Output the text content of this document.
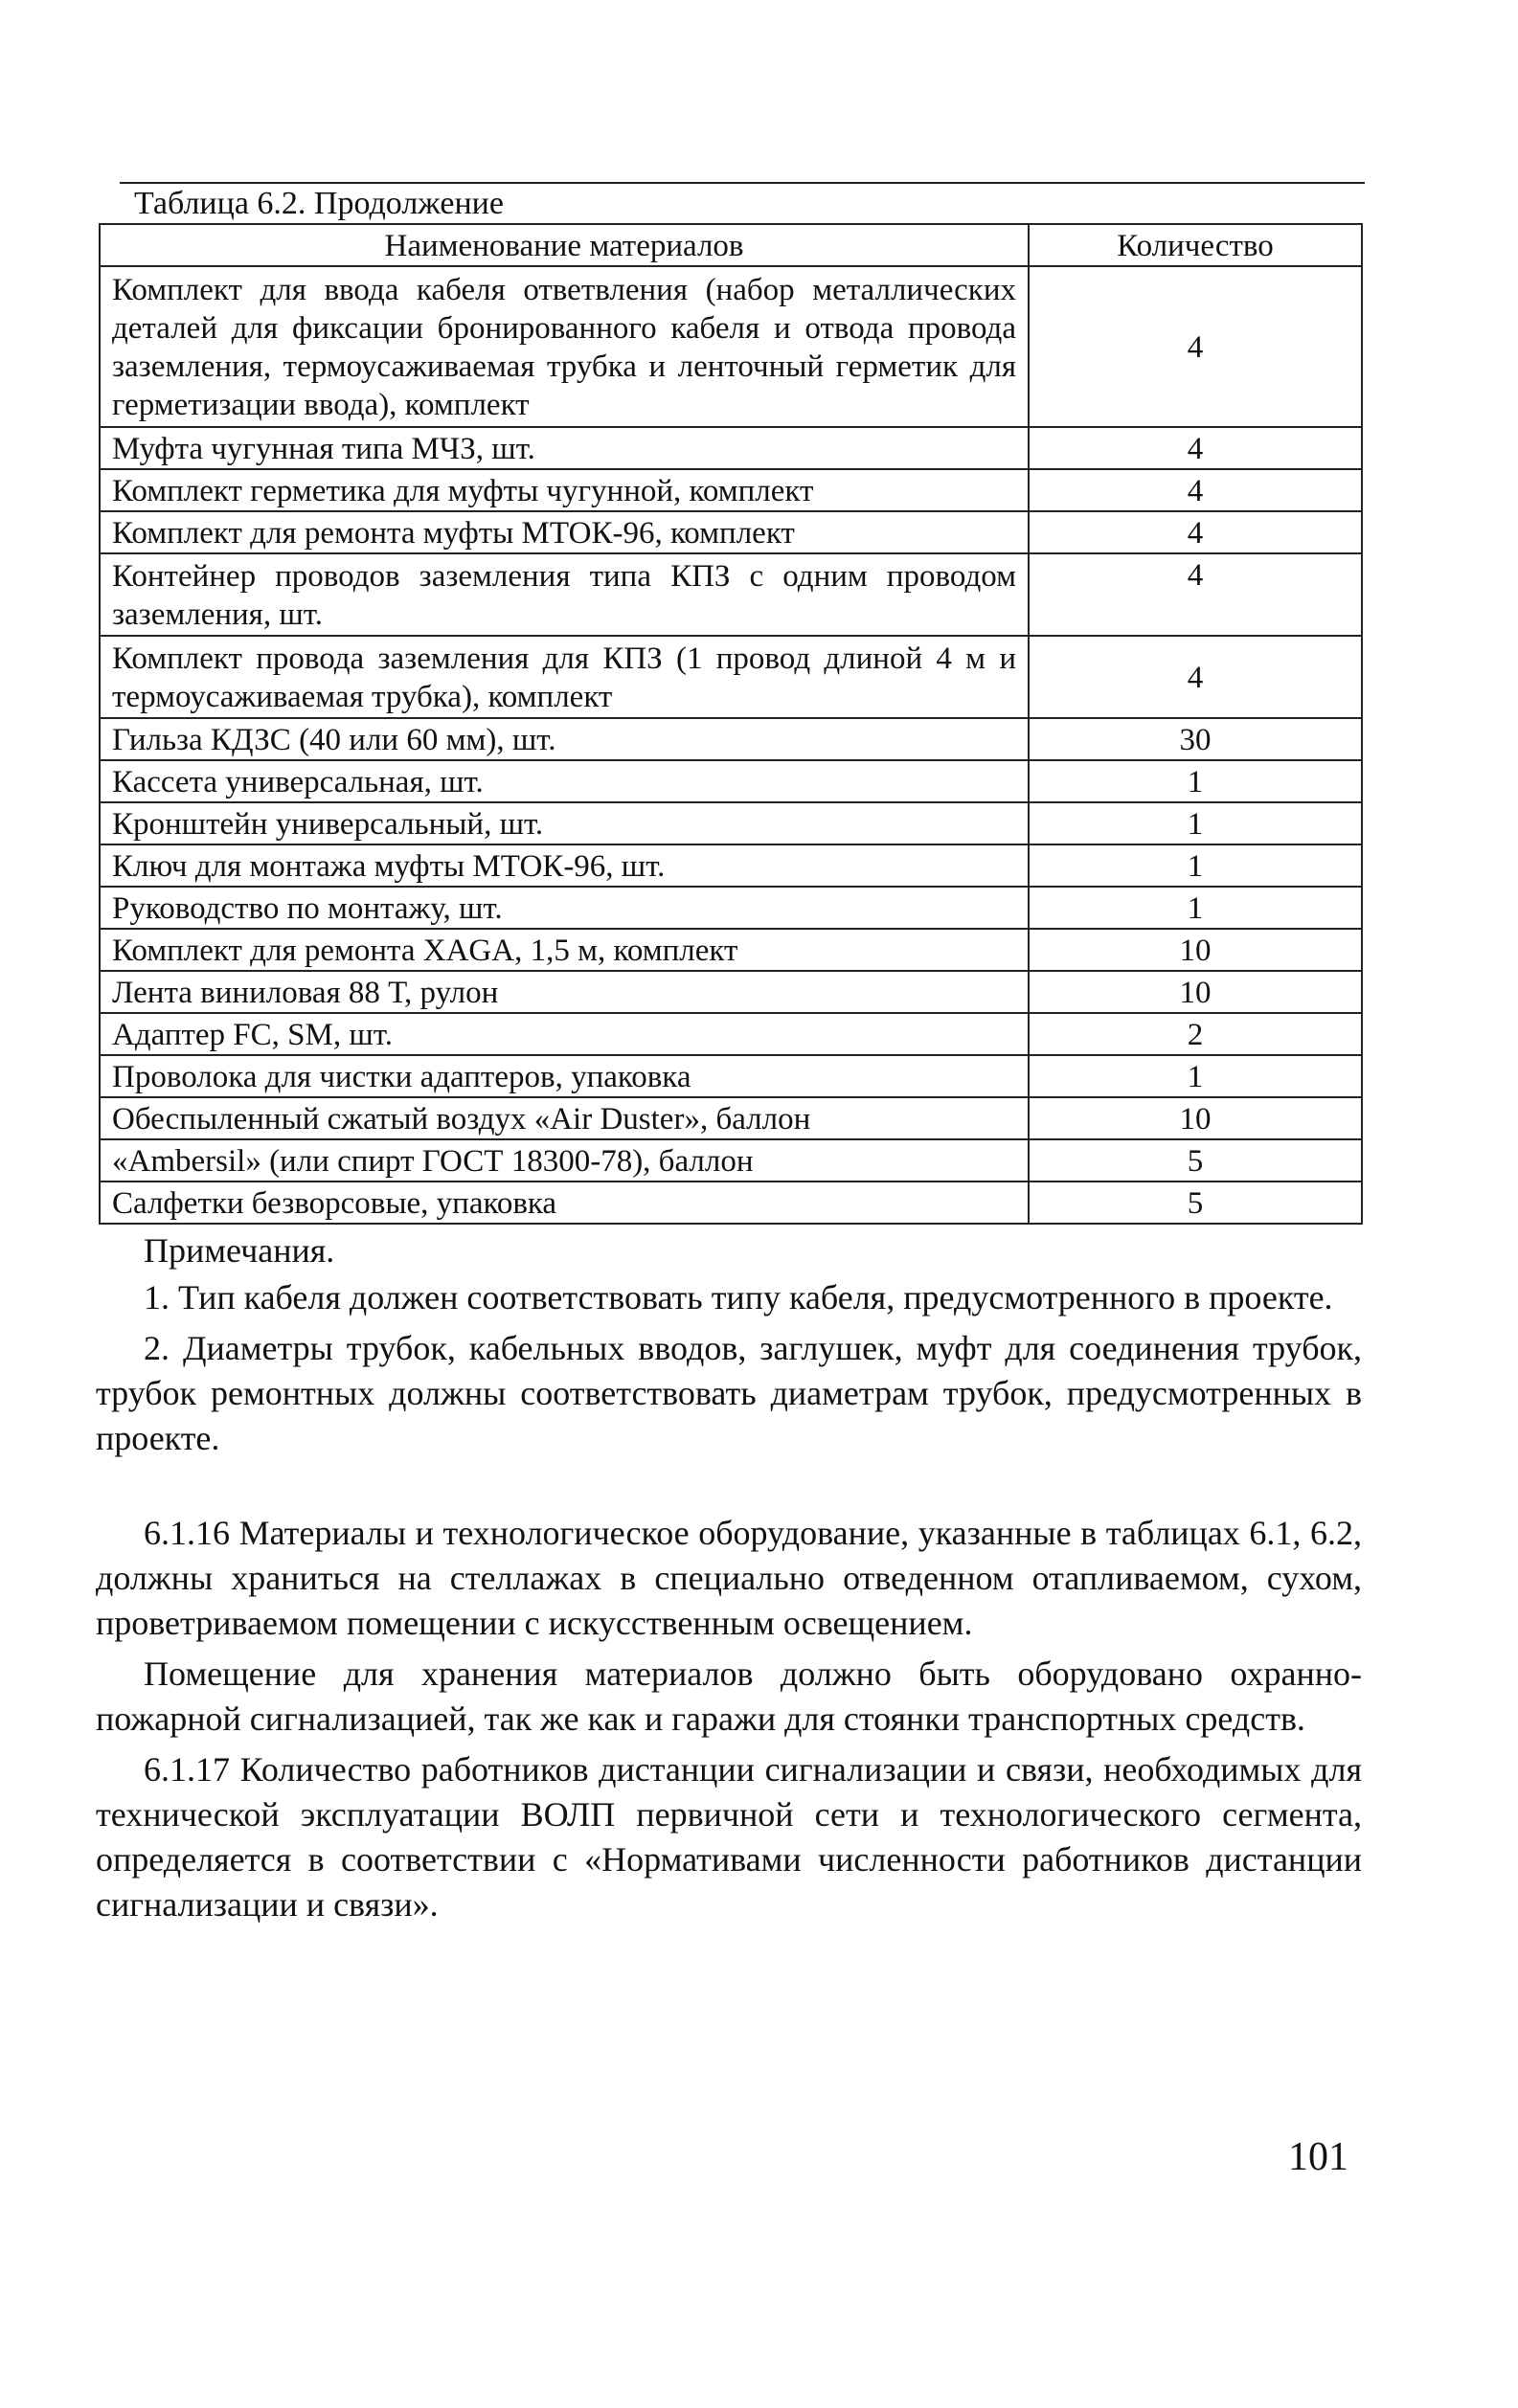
Таблица 6.2. Продолжение
Наименование материалов	Количество
Комплект для ввода кабеля ответвления (набор металлических деталей для фиксации бронированного кабеля и отвода провода заземления, термоусаживаемая трубка и ленточный герметик для герметизации ввода), комплект	4
Муфта чугунная типа МЧЗ, шт.	4
Комплект герметика для муфты чугунной, комплект	4
Комплект для ремонта муфты МТОК-96, комплект	4
Контейнер проводов заземления типа КПЗ с одним проводом заземления, шт.	4
Комплект провода заземления для КПЗ (1 провод длиной 4 м и термоусаживаемая трубка), комплект	4
Гильза КДЗС (40 или 60 мм), шт.	30
Кассета универсальная, шт.	1
Кронштейн универсальный, шт.	1
Ключ для монтажа муфты МТОК-96, шт.	1
Руководство по монтажу, шт.	1
Комплект для ремонта XAGA, 1,5 м, комплект	10
Лента виниловая 88 Т, рулон	10
Адаптер FC, SM, шт.	2
Проволока для чистки адаптеров, упаковка	1
Обеспыленный сжатый воздух «Air Duster», баллон	10
«Ambersil» (или спирт ГОСТ 18300-78), баллон	5
Салфетки безворсовые, упаковка	5

Примечания.

1. Тип кабеля должен соответствовать типу кабеля, предусмотренного в проекте.

2. Диаметры трубок, кабельных вводов, заглушек, муфт для соединения трубок, трубок ремонтных должны соответствовать диаметрам трубок, предусмотренных в проекте.

6.1.16 Материалы и технологическое оборудование, указанные в таблицах 6.1, 6.2, должны храниться на стеллажах в специально отведенном отапливаемом, сухом, проветриваемом помещении с искусственным освещением.

Помещение для хранения материалов должно быть оборудовано охранно-пожарной сигнализацией, так же как и гаражи для стоянки транспортных средств.

6.1.17 Количество работников дистанции сигнализации и связи, необходимых для технической эксплуатации ВОЛП первичной сети и технологического сегмента, определяется в соответствии с «Нормативами численности работников дистанции сигнализации и связи».

101
